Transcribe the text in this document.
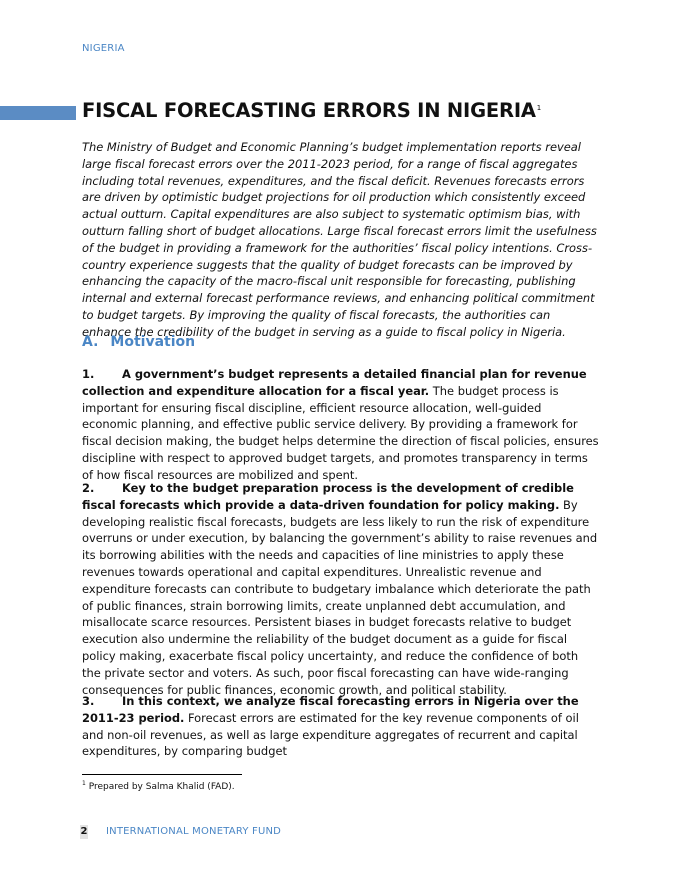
NIGERIA
FISCAL FORECASTING ERRORS IN NIGERIA$^1$

The Ministry of Budget and Economic Planning’s budget implementation reports reveal large fiscal forecast errors over the 2011-2023 period, for a range of fiscal aggregates including total revenues, expenditures, and the fiscal deficit. Revenues forecasts errors are driven by optimistic budget projections for oil production which consistently exceed actual outturn. Capital expenditures are also subject to systematic optimism bias, with outturn falling short of budget allocations. Large fiscal forecast errors limit the usefulness of the budget in providing a framework for the authorities’ fiscal policy intentions. Cross-country experience suggests that the quality of budget forecasts can be improved by enhancing the capacity of the macro-fiscal unit responsible for forecasting, publishing internal and external forecast performance reviews, and enhancing political commitment to budget targets. By improving the quality of fiscal forecasts, the authorities can enhance the credibility of the budget in serving as a guide to fiscal policy in Nigeria.

A. Motivation

1. A government’s budget represents a detailed financial plan for revenue collection and expenditure allocation for a fiscal year. The budget process is important for ensuring fiscal discipline, efficient resource allocation, well-guided economic planning, and effective public service delivery. By providing a framework for fiscal decision making, the budget helps determine the direction of fiscal policies, ensures discipline with respect to approved budget targets, and promotes transparency in terms of how fiscal resources are mobilized and spent.

2. Key to the budget preparation process is the development of credible fiscal forecasts which provide a data-driven foundation for policy making. By developing realistic fiscal forecasts, budgets are less likely to run the risk of expenditure overruns or under execution, by balancing the government’s ability to raise revenues and its borrowing abilities with the needs and capacities of line ministries to apply these revenues towards operational and capital expenditures. Unrealistic revenue and expenditure forecasts can contribute to budgetary imbalance which deteriorate the path of public finances, strain borrowing limits, create unplanned debt accumulation, and misallocate scarce resources. Persistent biases in budget forecasts relative to budget execution also undermine the reliability of the budget document as a guide for fiscal policy making, exacerbate fiscal policy uncertainty, and reduce the confidence of both the private sector and voters. As such, poor fiscal forecasting can have wide-ranging consequences for public finances, economic growth, and political stability.

3. In this context, we analyze fiscal forecasting errors in Nigeria over the 2011-23 period. Forecast errors are estimated for the key revenue components of oil and non-oil revenues, as well as large expenditure aggregates of recurrent and capital expenditures, by comparing budget

$^1$ Prepared by Salma Khalid (FAD).
2 INTERNATIONAL MONETARY FUND
